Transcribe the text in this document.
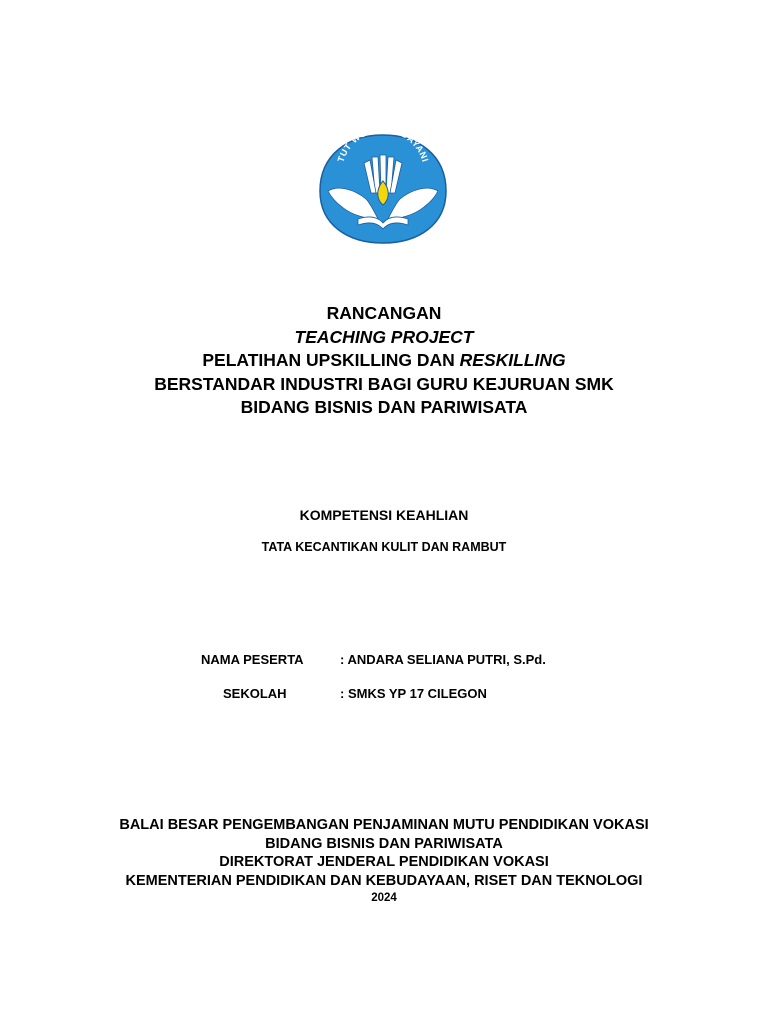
TUT WU DAYANI
RANCANGAN
TEACHING PROJECT
PELATIHAN UPSKILLING DAN RESKILLING
BERSTANDAR INDUSTRI BAGI GURU KEJURUAN SMK
BIDANG BISNIS DAN PARIWISATA
KOMPETENSI KEAHLIAN
TATA KECANTIKAN KULIT DAN RAMBUT
NAMA PESERTA	: ANDARA SELIANA PUTRI, S.Pd.
SEKOLAH	: SMKS YP 17 CILEGON
BALAI BESAR PENGEMBANGAN PENJAMINAN MUTU PENDIDIKAN VOKASI
BIDANG BISNIS DAN PARIWISATA
DIREKTORAT JENDERAL PENDIDIKAN VOKASI
KEMENTERIAN PENDIDIKAN DAN KEBUDAYAAN, RISET DAN TEKNOLOGI
2024
